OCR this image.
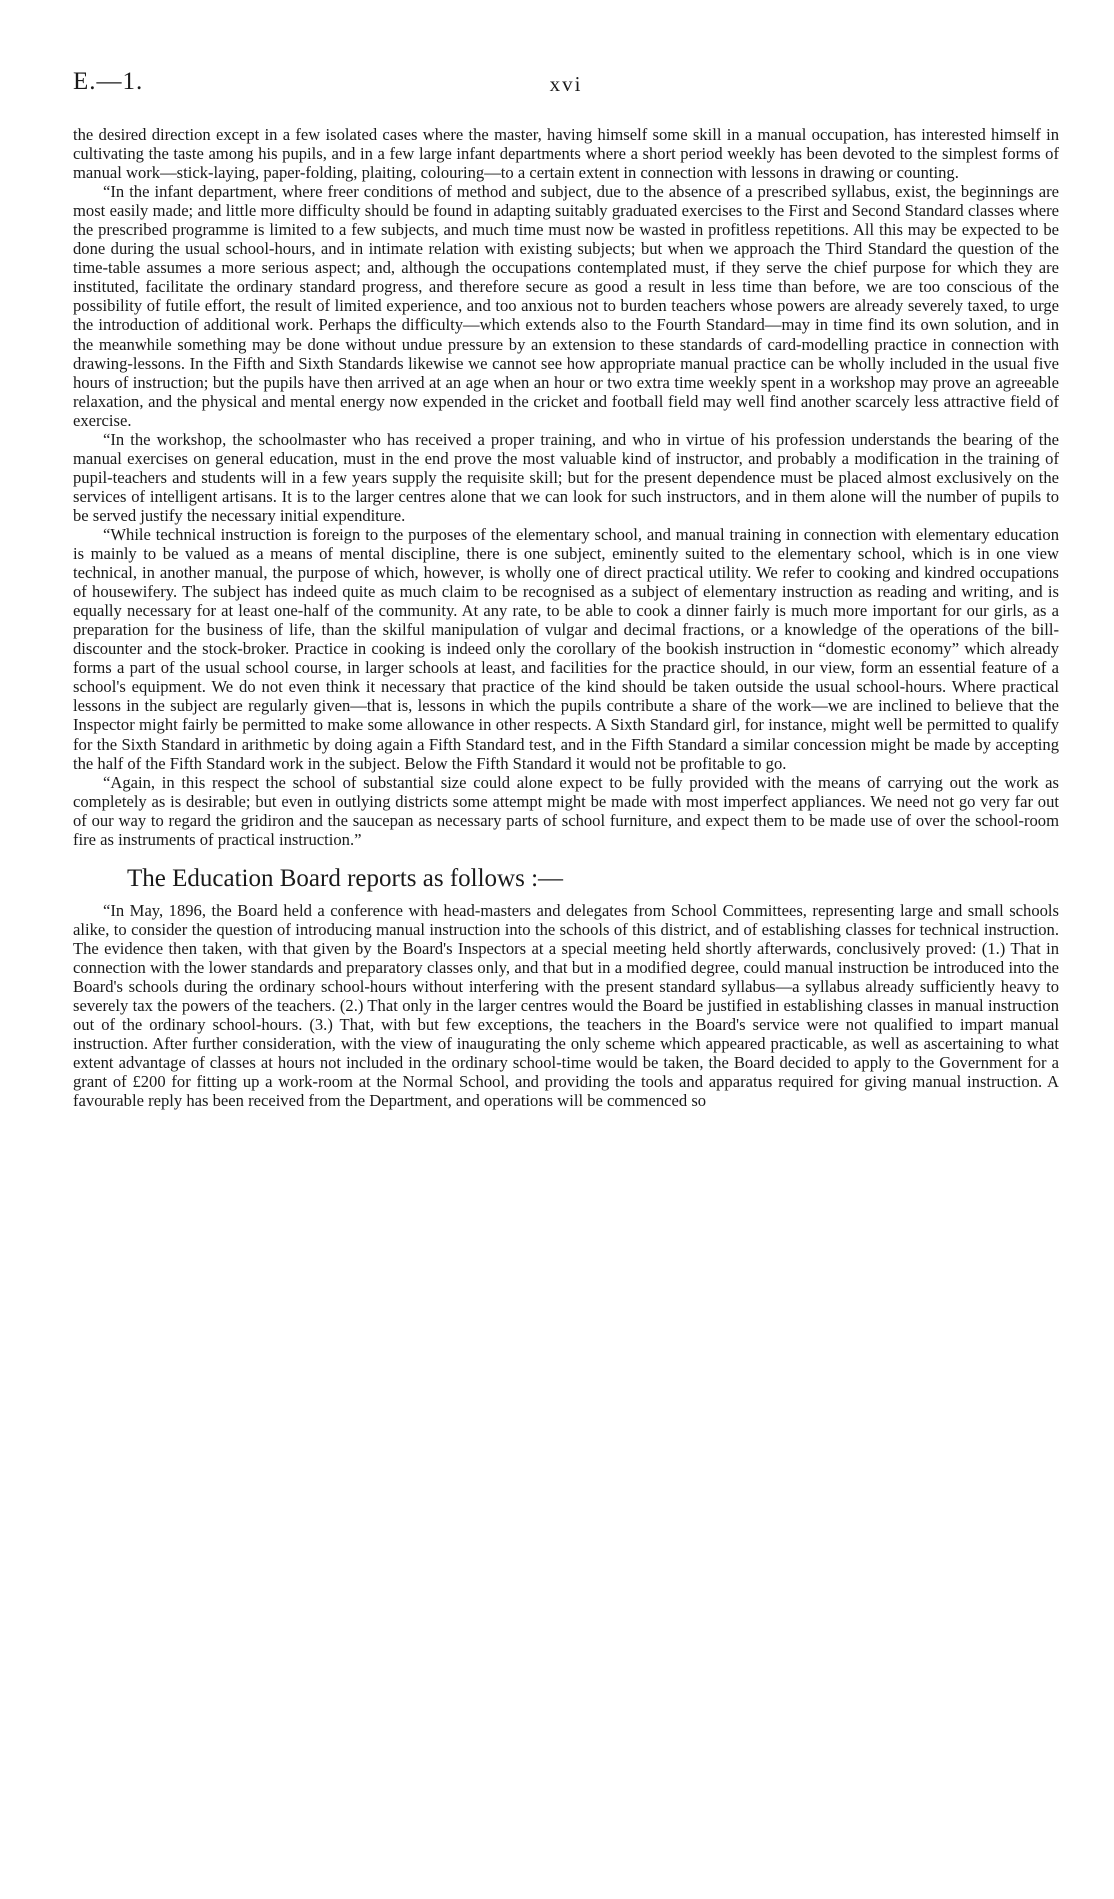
E.—1.	xvi

the desired direction except in a few isolated cases where the master, having himself some skill in a manual occupation, has interested himself in cultivating the taste among his pupils, and in a few large infant departments where a short period weekly has been devoted to the simplest forms of manual work—stick-laying, paper-folding, plaiting, colouring—to a certain extent in connection with lessons in drawing or counting.

“In the infant department, where freer conditions of method and subject, due to the absence of a prescribed syllabus, exist, the beginnings are most easily made; and little more difficulty should be found in adapting suitably graduated exercises to the First and Second Standard classes where the prescribed programme is limited to a few subjects, and much time must now be wasted in profitless repetitions. All this may be expected to be done during the usual school-hours, and in intimate relation with existing subjects; but when we approach the Third Standard the question of the time-table assumes a more serious aspect; and, although the occupations contemplated must, if they serve the chief purpose for which they are instituted, facilitate the ordinary standard progress, and therefore secure as good a result in less time than before, we are too conscious of the possibility of futile effort, the result of limited experience, and too anxious not to burden teachers whose powers are already severely taxed, to urge the introduction of additional work. Perhaps the difficulty—which extends also to the Fourth Standard—may in time find its own solution, and in the meanwhile something may be done without undue pressure by an extension to these standards of card-modelling practice in connection with drawing-lessons. In the Fifth and Sixth Standards likewise we cannot see how appropriate manual practice can be wholly included in the usual five hours of instruction; but the pupils have then arrived at an age when an hour or two extra time weekly spent in a workshop may prove an agreeable relaxation, and the physical and mental energy now expended in the cricket and football field may well find another scarcely less attractive field of exercise.

“In the workshop, the schoolmaster who has received a proper training, and who in virtue of his profession understands the bearing of the manual exercises on general education, must in the end prove the most valuable kind of instructor, and probably a modification in the training of pupil-teachers and students will in a few years supply the requisite skill; but for the present dependence must be placed almost exclusively on the services of intelligent artisans. It is to the larger centres alone that we can look for such instructors, and in them alone will the number of pupils to be served justify the necessary initial expenditure.

“While technical instruction is foreign to the purposes of the elementary school, and manual training in connection with elementary education is mainly to be valued as a means of mental discipline, there is one subject, eminently suited to the elementary school, which is in one view technical, in another manual, the purpose of which, however, is wholly one of direct practical utility. We refer to cooking and kindred occupations of housewifery. The subject has indeed quite as much claim to be recognised as a subject of elementary instruction as reading and writing, and is equally necessary for at least one-half of the community. At any rate, to be able to cook a dinner fairly is much more important for our girls, as a preparation for the business of life, than the skilful manipulation of vulgar and decimal fractions, or a knowledge of the operations of the bill-discounter and the stock-broker. Practice in cooking is indeed only the corollary of the bookish instruction in “domestic economy” which already forms a part of the usual school course, in larger schools at least, and facilities for the practice should, in our view, form an essential feature of a school's equipment. We do not even think it necessary that practice of the kind should be taken outside the usual school-hours. Where practical lessons in the subject are regularly given—that is, lessons in which the pupils contribute a share of the work—we are inclined to believe that the Inspector might fairly be permitted to make some allowance in other respects. A Sixth Standard girl, for instance, might well be permitted to qualify for the Sixth Standard in arithmetic by doing again a Fifth Standard test, and in the Fifth Standard a similar concession might be made by accepting the half of the Fifth Standard work in the subject. Below the Fifth Standard it would not be profitable to go.

“Again, in this respect the school of substantial size could alone expect to be fully provided with the means of carrying out the work as completely as is desirable; but even in outlying districts some attempt might be made with most imperfect appliances. We need not go very far out of our way to regard the gridiron and the saucepan as necessary parts of school furniture, and expect them to be made use of over the school-room fire as instruments of practical instruction.”

The Education Board reports as follows :—

“In May, 1896, the Board held a conference with head-masters and delegates from School Committees, representing large and small schools alike, to consider the question of introducing manual instruction into the schools of this district, and of establishing classes for technical instruction. The evidence then taken, with that given by the Board's Inspectors at a special meeting held shortly afterwards, conclusively proved: (1.) That in connection with the lower standards and preparatory classes only, and that but in a modified degree, could manual instruction be introduced into the Board's schools during the ordinary school-hours without interfering with the present standard syllabus—a syllabus already sufficiently heavy to severely tax the powers of the teachers. (2.) That only in the larger centres would the Board be justified in establishing classes in manual instruction out of the ordinary school-hours. (3.) That, with but few exceptions, the teachers in the Board's service were not qualified to impart manual instruction. After further consideration, with the view of inaugurating the only scheme which appeared practicable, as well as ascertaining to what extent advantage of classes at hours not included in the ordinary school-time would be taken, the Board decided to apply to the Government for a grant of £200 for fitting up a work-room at the Normal School, and providing the tools and apparatus required for giving manual instruction. A favourable reply has been received from the Department, and operations will be commenced so
